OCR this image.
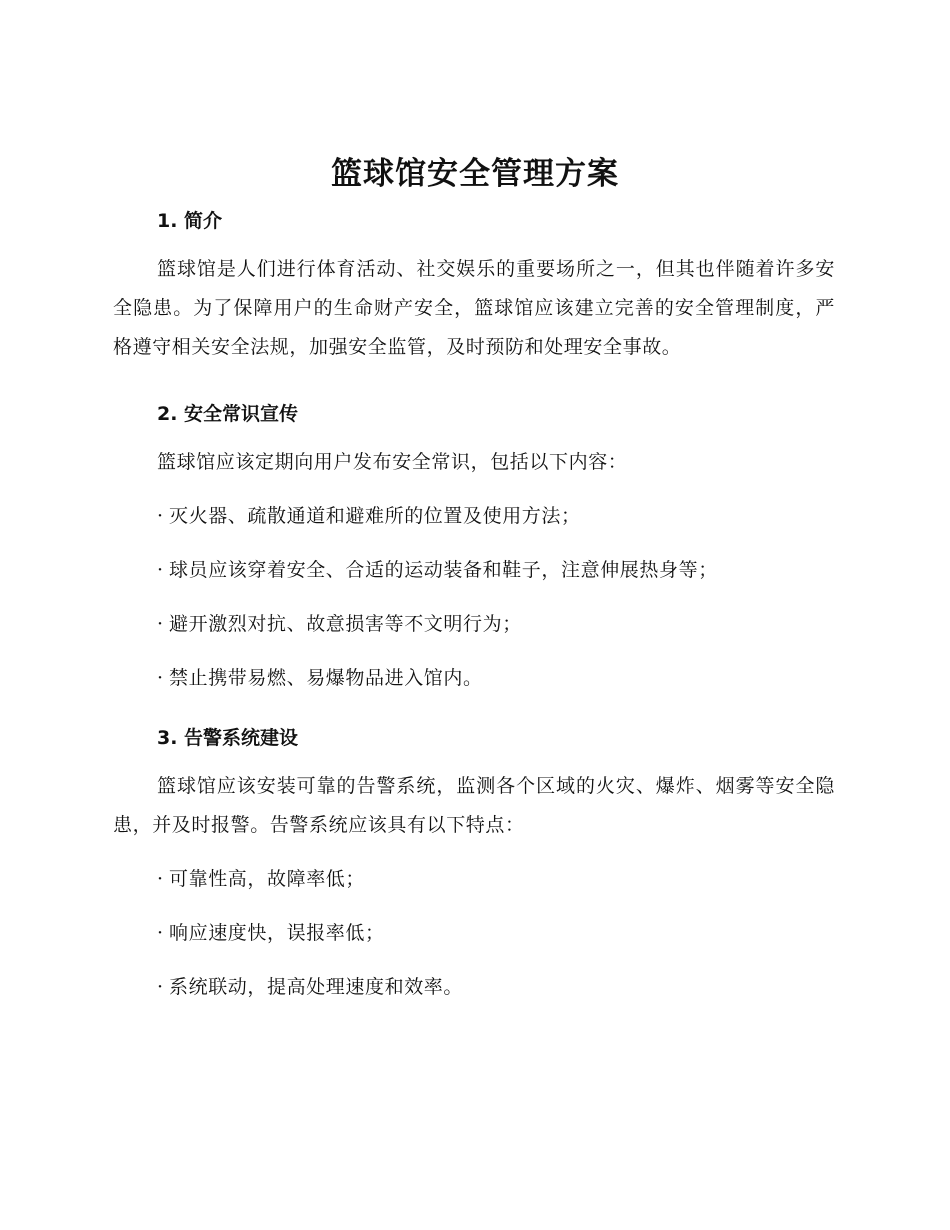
篮球馆安全管理方案
1. 简介

篮球馆是人们进行体育活动、社交娱乐的重要场所之一，但其也伴随着许多安全隐患。为了保障用户的生命财产安全，篮球馆应该建立完善的安全管理制度，严格遵守相关安全法规，加强安全监管，及时预防和处理安全事故。

2. 安全常识宣传

篮球馆应该定期向用户发布安全常识，包括以下内容：

· 灭火器、疏散通道和避难所的位置及使用方法；
· 球员应该穿着安全、合适的运动装备和鞋子，注意伸展热身等；
· 避开激烈对抗、故意损害等不文明行为；
· 禁止携带易燃、易爆物品进入馆内。
3. 告警系统建设

篮球馆应该安装可靠的告警系统，监测各个区域的火灾、爆炸、烟雾等安全隐患，并及时报警。告警系统应该具有以下特点：

· 可靠性高，故障率低；
· 响应速度快，误报率低；
· 系统联动，提高处理速度和效率。
